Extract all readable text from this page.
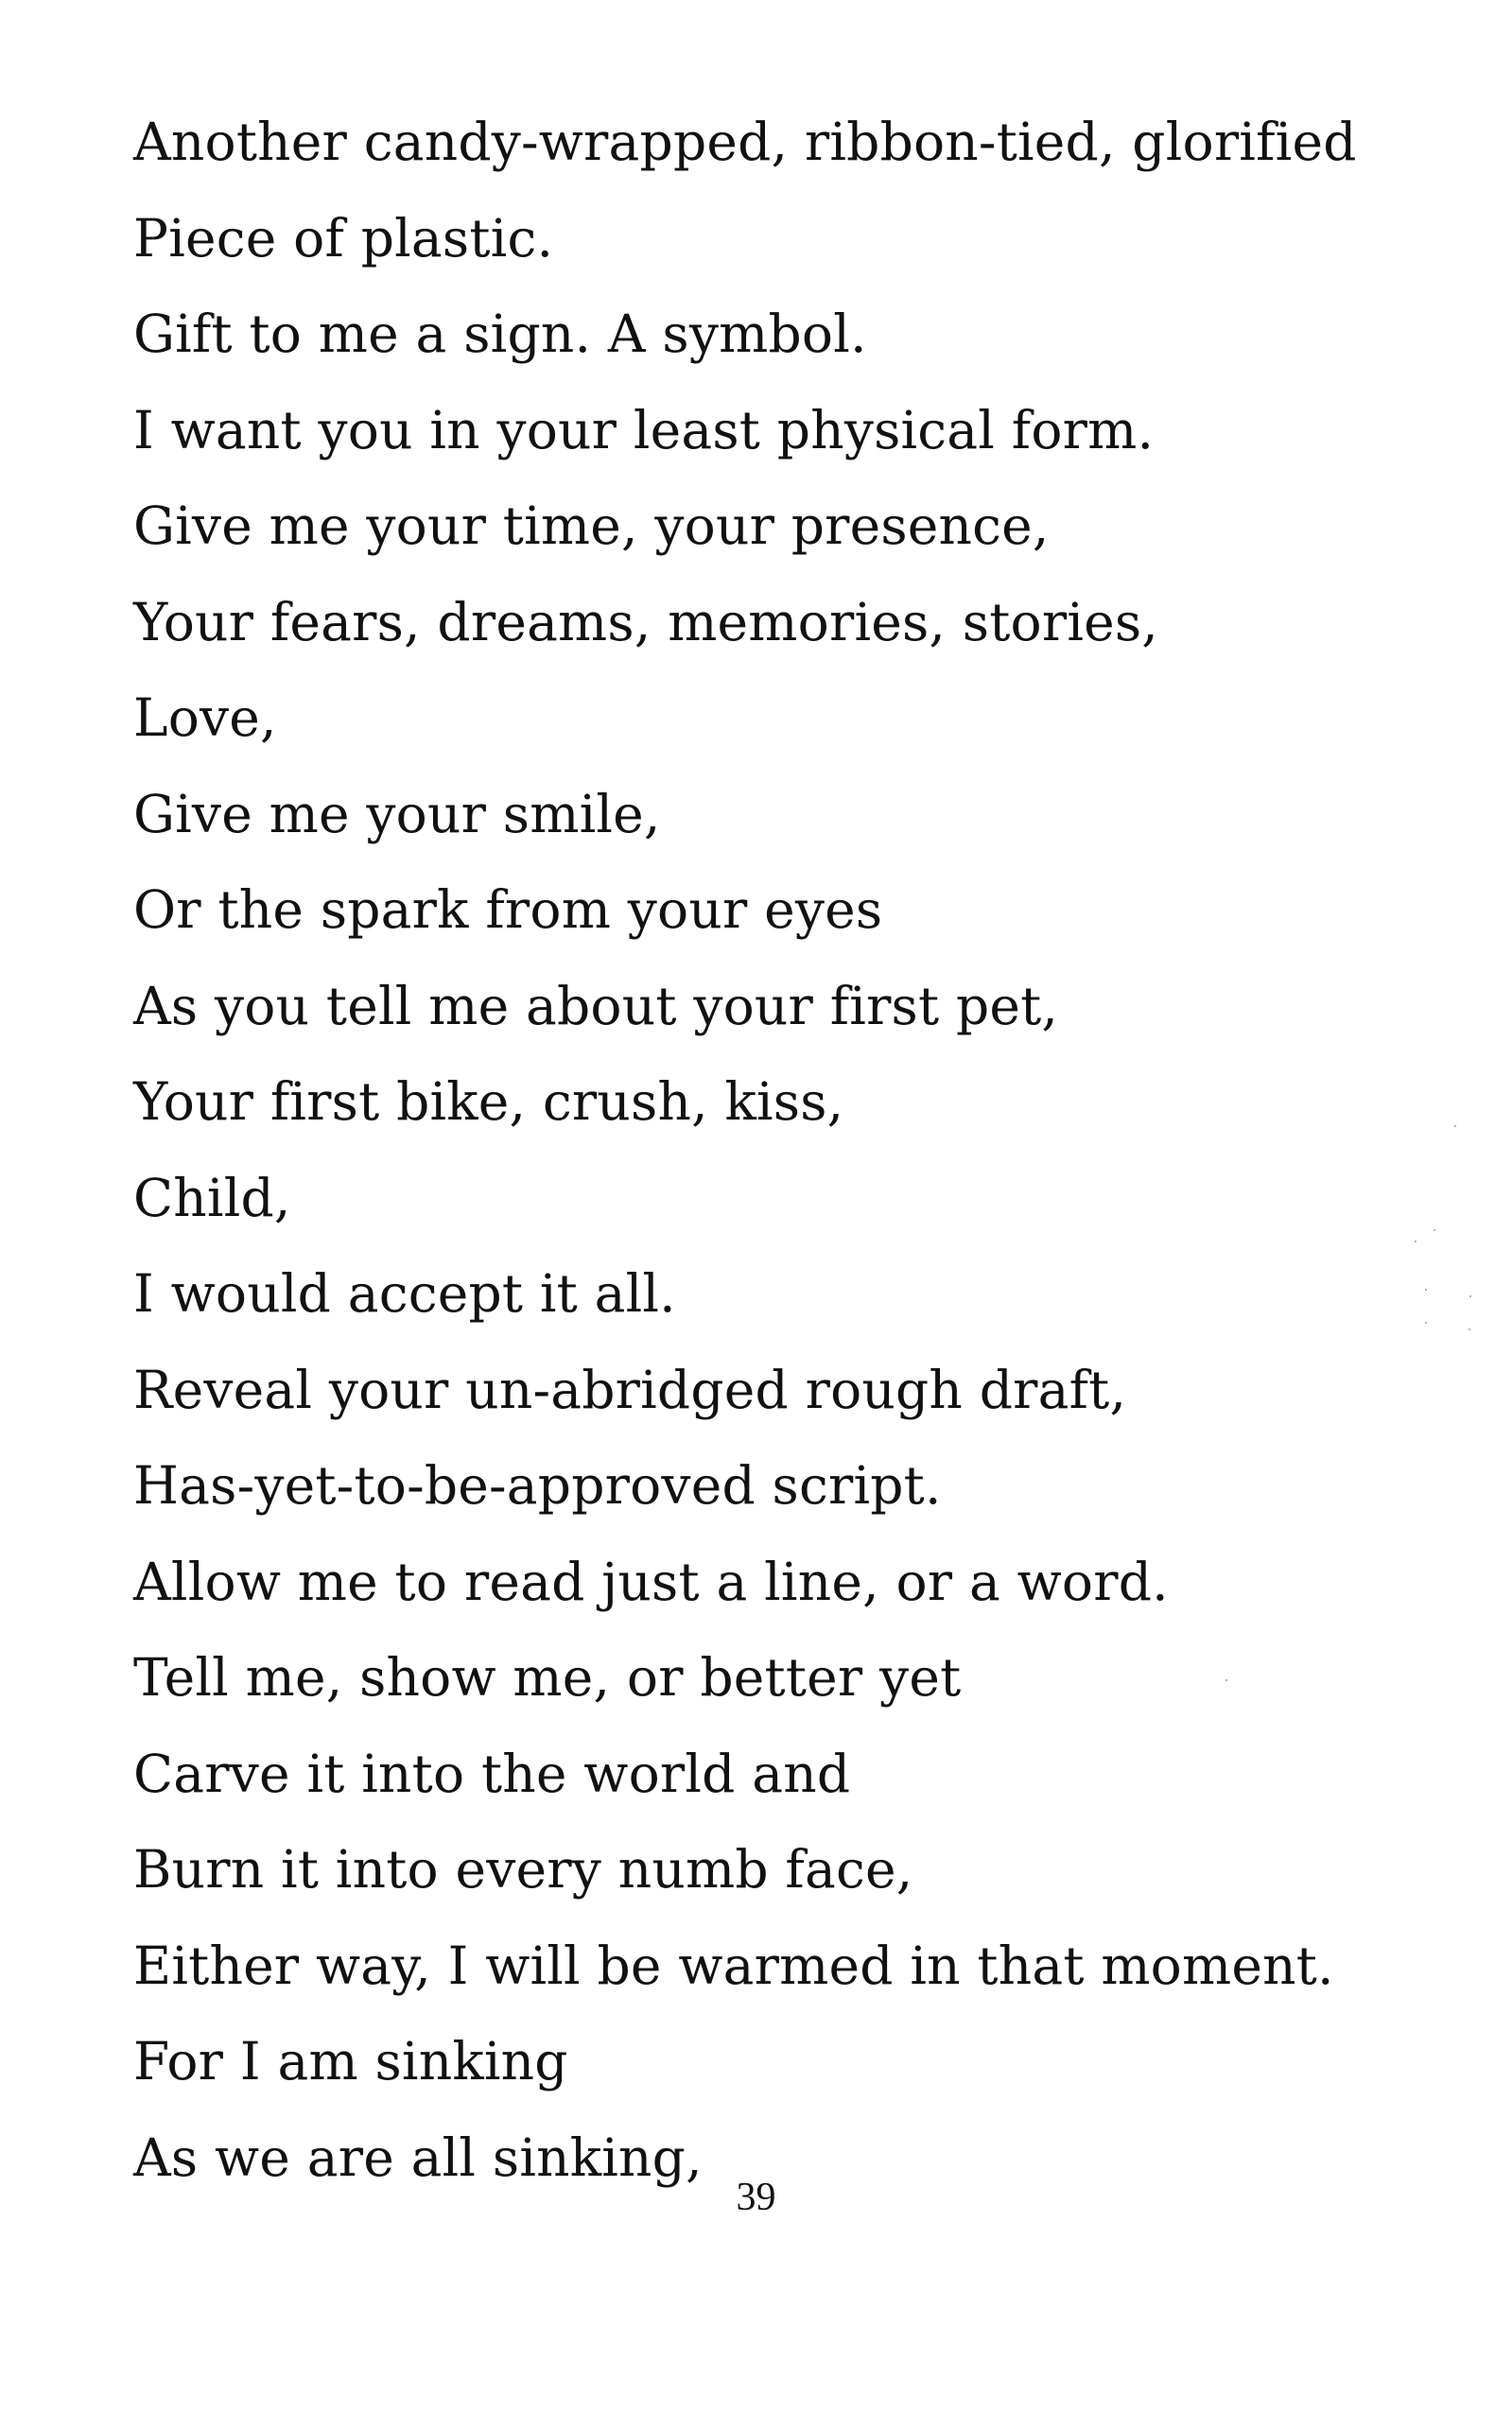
Another candy-wrapped, ribbon-tied, glorified
Piece of plastic.
Gift to me a sign. A symbol.
I want you in your least physical form.
Give me your time, your presence,
Your fears, dreams, memories, stories,
Love,
Give me your smile,
Or the spark from your eyes
As you tell me about your first pet,
Your first bike, crush, kiss,
Child,
I would accept it all.
Reveal your un-abridged rough draft,
Has-yet-to-be-approved script.
Allow me to read just a line, or a word.
Tell me, show me, or better yet
Carve it into the world and
Burn it into every numb face,
Either way, I will be warmed in that moment.
For I am sinking
As we are all sinking,
39
